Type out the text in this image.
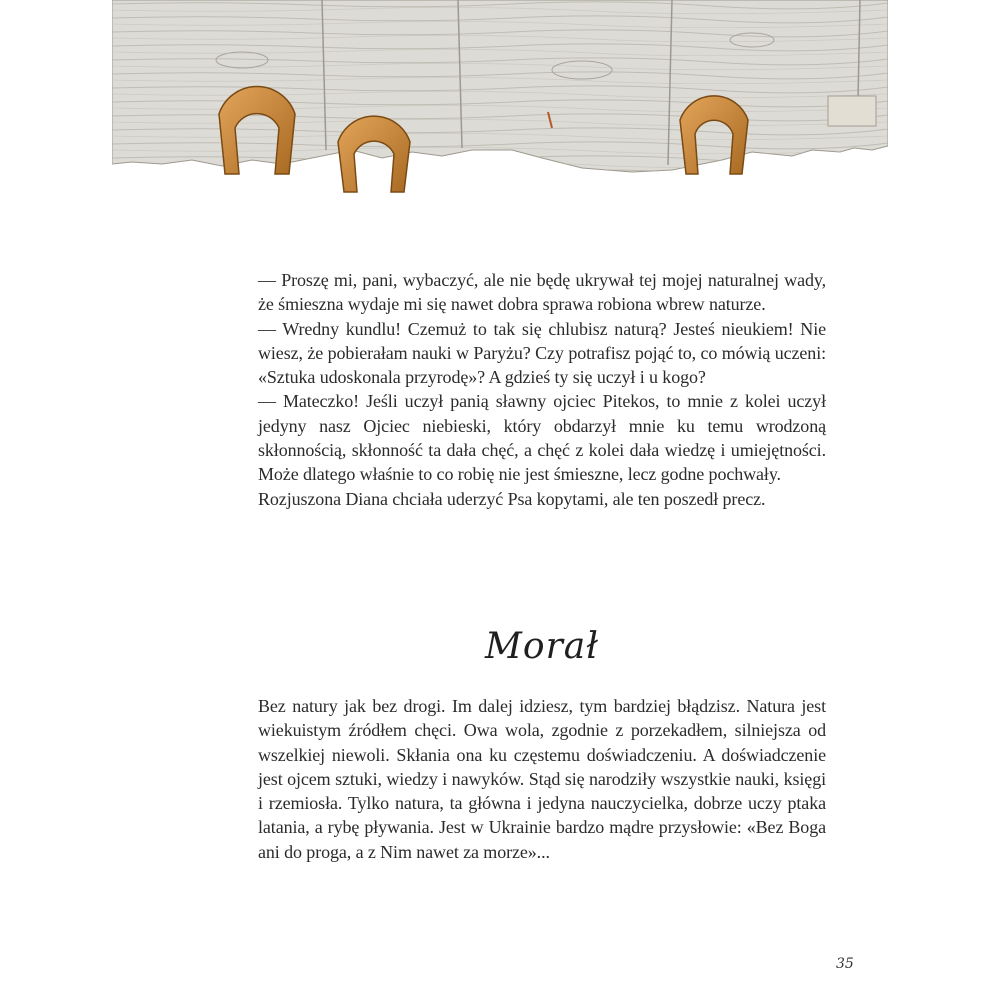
— Proszę mi, pani, wybaczyć, ale nie będę ukrywał tej mojej naturalnej wady, że śmieszna wydaje mi się nawet dobra sprawa robiona wbrew naturze.

— Wredny kundlu! Czemuż to tak się chlubisz naturą? Jesteś nieukiem! Nie wiesz, że pobierałam nauki w Paryżu? Czy potrafisz pojąć to, co mówią uczeni: «Sztuka udoskonala przyrodę»? A gdzieś ty się uczył i u kogo?

— Mateczko! Jeśli uczył panią sławny ojciec Pitekos, to mnie z kolei uczył jedyny nasz Ojciec niebieski, który obdarzył mnie ku temu wrodzoną skłonnością, skłonność ta dała chęć, a chęć z kolei dała wiedzę i umiejętności. Może dlatego właśnie to co robię nie jest śmieszne, lecz godne pochwały.

Rozjuszona Diana chciała uderzyć Psa kopytami, ale ten poszedł precz.

Morał

Bez natury jak bez drogi. Im dalej idziesz, tym bardziej błądzisz. Natura jest wiekuistym źródłem chęci. Owa wola, zgodnie z porzekadłem, silniejsza od wszelkiej niewoli. Skłania ona ku częstemu doświadczeniu. A doświadczenie jest ojcem sztuki, wiedzy i nawyków. Stąd się narodziły wszystkie nauki, księgi i rzemiosła. Tylko natura, ta główna i jedyna nauczycielka, dobrze uczy ptaka latania, a rybę pływania. Jest w Ukrainie bardzo mądre przysłowie: «Bez Boga ani do proga, a z Nim nawet za morze»...

35
